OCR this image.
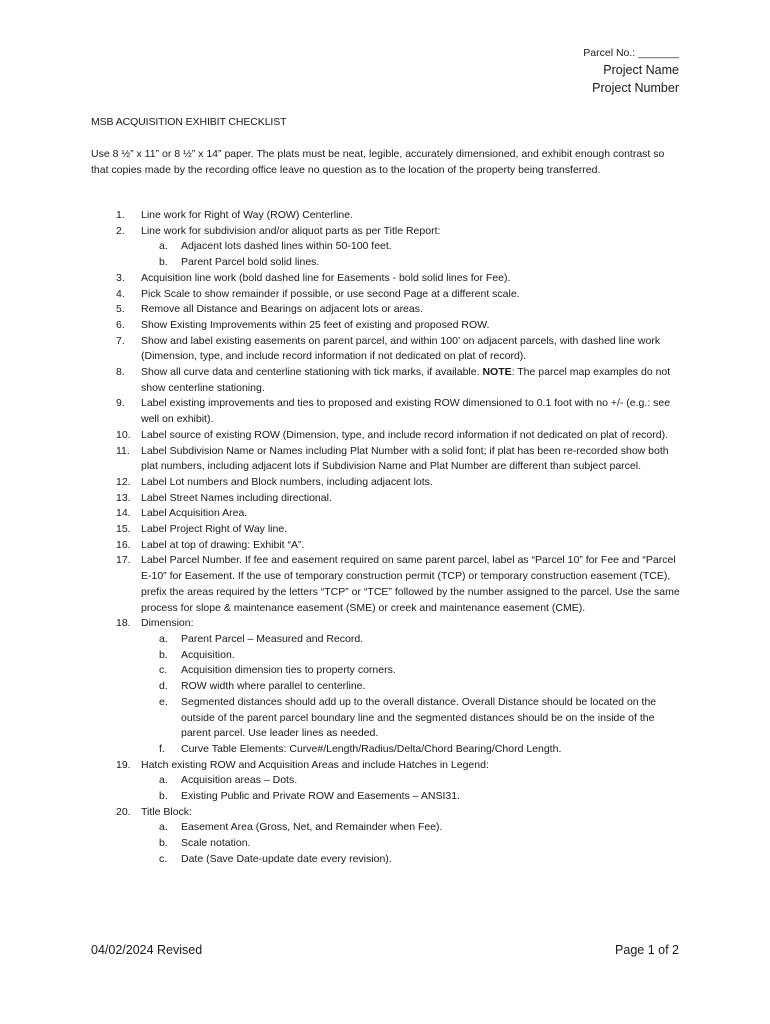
Parcel No.: _______
Project Name
Project Number
MSB ACQUISITION EXHIBIT CHECKLIST
Use 8 ½” x 11” or 8 ½” x 14” paper. The plats must be neat, legible, accurately dimensioned, and exhibit enough contrast so that copies made by the recording office leave no question as to the location of the property being transferred.
1.	Line work for Right of Way (ROW) Centerline.
2.	Line work for subdivision and/or aliquot parts as per Title Report:
a. Adjacent lots dashed lines within 50-100 feet.
b. Parent Parcel bold solid lines.
3.	Acquisition line work (bold dashed line for Easements - bold solid lines for Fee).
4.	Pick Scale to show remainder if possible, or use second Page at a different scale.
5.	Remove all Distance and Bearings on adjacent lots or areas.
6.	Show Existing Improvements within 25 feet of existing and proposed ROW.
7.	Show and label existing easements on parent parcel, and within 100’ on adjacent parcels, with dashed line work (Dimension, type, and include record information if not dedicated on plat of record).
8.	Show all curve data and centerline stationing with tick marks, if available. NOTE: The parcel map examples do not show centerline stationing.
9.	Label existing improvements and ties to proposed and existing ROW dimensioned to 0.1 foot with no +/- (e.g.: see well on exhibit).
10. Label source of existing ROW (Dimension, type, and include record information if not dedicated on plat of record).
11.	Label Subdivision Name or Names including Plat Number with a solid font; if plat has been re-recorded show both plat numbers, including adjacent lots if Subdivision Name and Plat Number are different than subject parcel.
12. Label Lot numbers and Block numbers, including adjacent lots.
13. Label Street Names including directional.
14. Label Acquisition Area.
15. Label Project Right of Way line.
16. Label at top of drawing: Exhibit “A”.
17. Label Parcel Number. If fee and easement required on same parent parcel, label as “Parcel 10” for Fee and “Parcel E-10” for Easement. If the use of temporary construction permit (TCP) or temporary construction easement (TCE), prefix the areas required by the letters “TCP” or “TCE” followed by the number assigned to the parcel. Use the same process for slope & maintenance easement (SME) or creek and maintenance easement (CME).
18. Dimension:
a. Parent Parcel – Measured and Record.
b. Acquisition.
c. Acquisition dimension ties to property corners.
d. ROW width where parallel to centerline.
e. Segmented distances should add up to the overall distance. Overall Distance should be located on the outside of the parent parcel boundary line and the segmented distances should be on the inside of the parent parcel. Use leader lines as needed.
f. Curve Table Elements: Curve#/Length/Radius/Delta/Chord Bearing/Chord Length.
19. Hatch existing ROW and Acquisition Areas and include Hatches in Legend:
a. Acquisition areas – Dots.
b. Existing Public and Private ROW and Easements – ANSI31.
20. Title Block:
a. Easement Area (Gross, Net, and Remainder when Fee).
b. Scale notation.
c. Date (Save Date-update date every revision).
04/02/2024 Revised	Page 1 of 2
